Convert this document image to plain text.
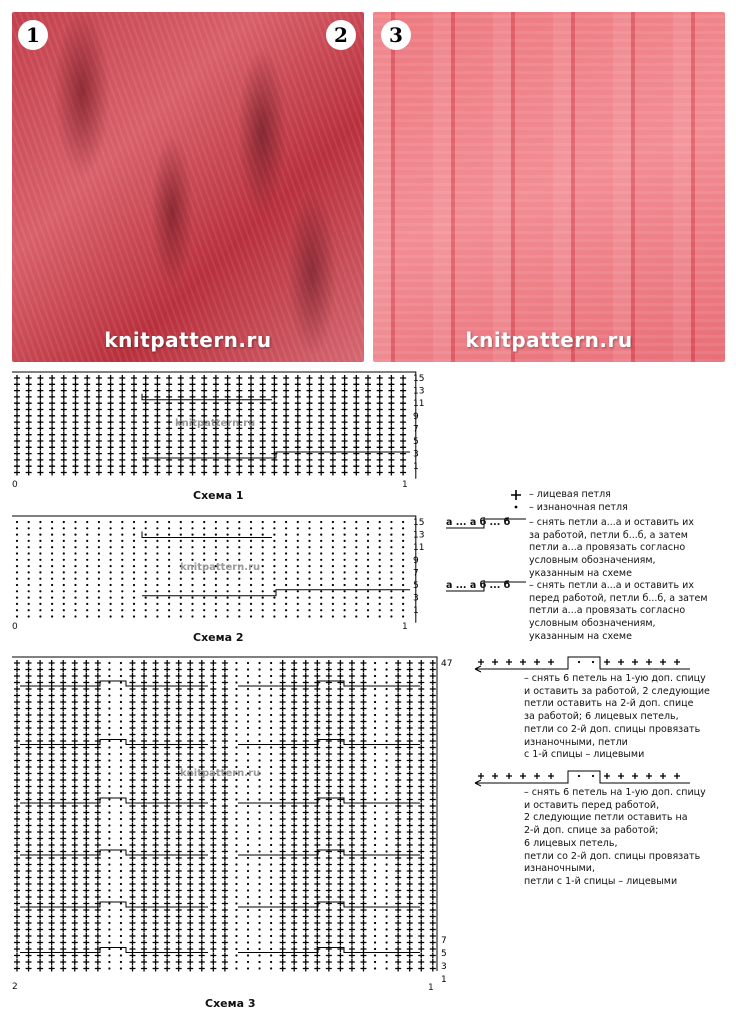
1	2
knitpattern.ru
3
knitpattern.ru
15
13
11
9
7
5
3
1
15
13
11
9
7
5
3
1
47
7
5
3
1
– лицевая петля
– изнаночная петля
а ... а б ... б – снять петли а...а и оставить их
за работой, петли б...б, а затем
петли а...а провязать согласно
условным обозначениям,
указанным на схеме
а ... а б ... б – снять петли а...а и оставить их
перед работой, петли б...б, а затем
петли а...а провязать согласно
условным обозначениям,
указанным на схеме
– снять 6 петель на 1-ую доп. спицу
и оставить за работой, 2 следующие
петли оставить на 2-й доп. спице
за работой; 6 лицевых петель,
петли со 2-й доп. спицы провязать
изнаночными, петли
с 1-й спицы – лицевыми
– снять 6 петель на 1-ую доп. спицу
и оставить перед работой,
2 следующие петли оставить на
2-й доп. спице за работой;
6 лицевых петель,
петли со 2-й доп. спицы провязать
изнаночными,
петли с 1-й спицы – лицевыми
Схема 1
Схема 2
Схема 3
0	1
0	1
2	1
knitpattern.ru
knitpattern.ru
knitpattern.ru
